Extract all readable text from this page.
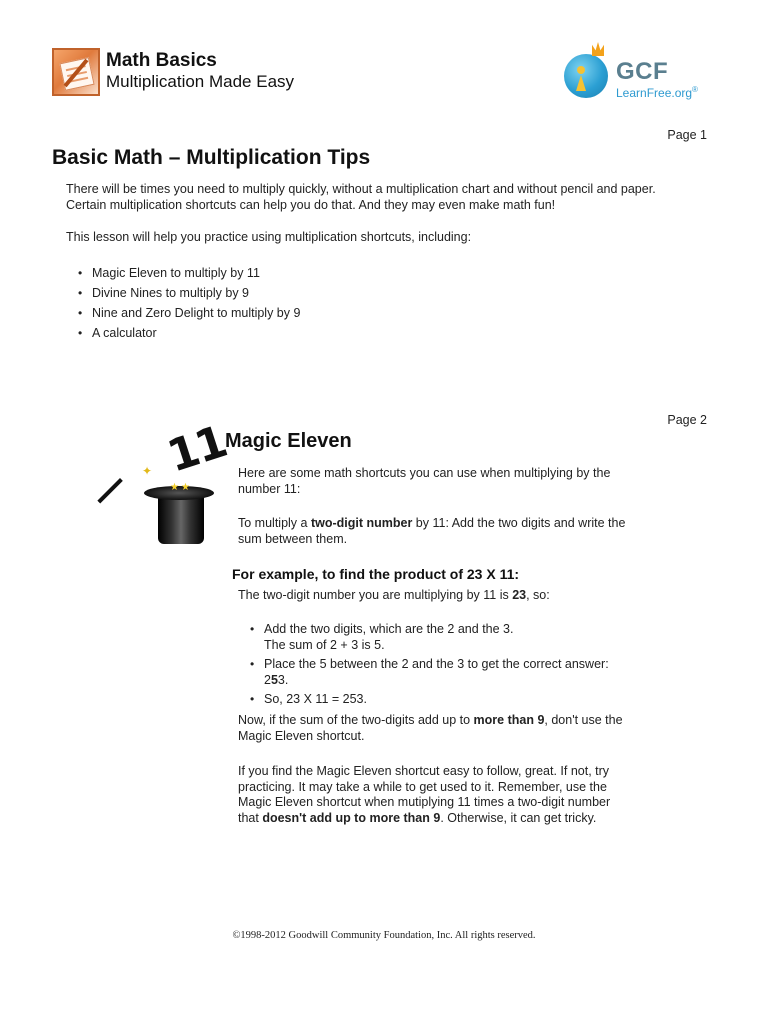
Math Basics
Multiplication Made Easy	GCF
LearnFree.org®
Page 1
Basic Math – Multiplication Tips

There will be times you need to multiply quickly, without a multiplication chart and without pencil and paper.
Certain multiplication shortcuts can help you do that. And they may even make math fun!

This lesson will help you practice using multiplication shortcuts, including:

• Magic Eleven to multiply by 11
• Divine Nines to multiply by 9
• Nine and Zero Delight to multiply by 9
• A calculator
Page 2
11
✦
★★
Magic Eleven
Here are some math shortcuts you can use when multiplying by the
number 11:
To multiply a two-digit number by 11: Add the two digits and write the
sum between them.
For example, to find the product of 23 X 11:
The two-digit number you are multiplying by 11 is 23, so:
• Add the two digits, which are the 2 and the 3.
The sum of 2 + 3 is 5.
• Place the 5 between the 2 and the 3 to get the correct answer:
253.
• So, 23 X 11 = 253.
Now, if the sum of the two-digits add up to more than 9, don't use the
Magic Eleven shortcut.
If you find the Magic Eleven shortcut easy to follow, great. If not, try
practicing. It may take a while to get used to it. Remember, use the
Magic Eleven shortcut when mutiplying 11 times a two-digit number
that doesn't add up to more than 9. Otherwise, it can get tricky.
©1998-2012 Goodwill Community Foundation, Inc. All rights reserved.
